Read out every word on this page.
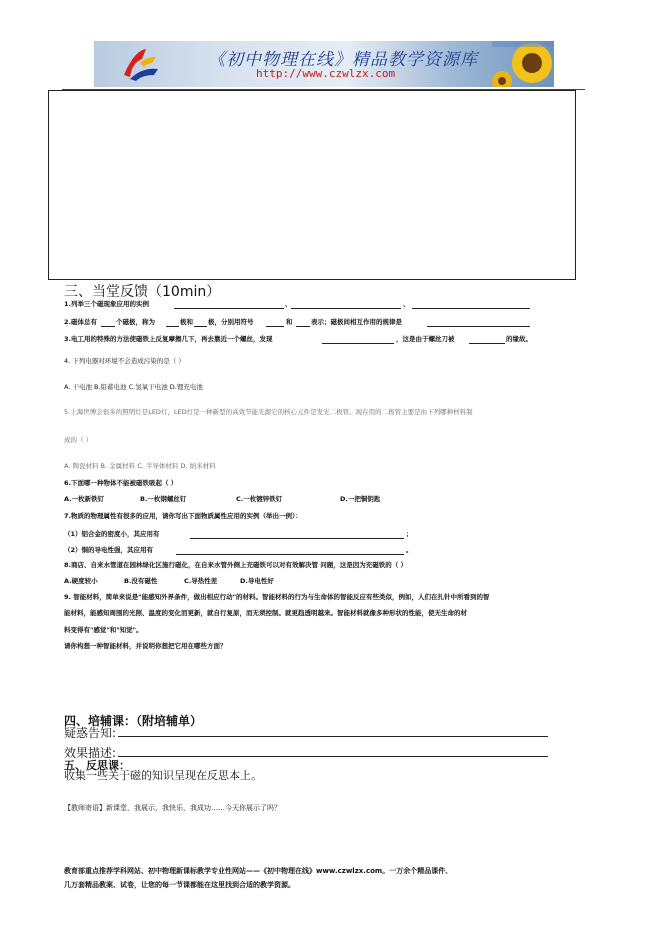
《初中物理在线》精品教学资源库
http://www.czwlzx.com
三、当堂反馈（10min）
1.列举三个磁现象应用的实例	、	、
2.磁体总有	个磁极，称为	极和 极，分别用符号	和	表示；磁极间相互作用的规律是
3.电工用的特殊的方法使磁铁上反复摩擦几下，再去靠近一个螺丝，发现	，这是由于螺丝刀被	的缘故。
4. 下列电器对环境不会造成污染的是（ ）
A. 干电池 B.铅蓄电池 C.氢氧干电池 D.锂充电池
5.上海世博会很多的照明灯是LED灯，LED灯是一种新型的高效节能光源它的核心元件是发光二极管。现在用的二极管主要是由下列哪种材料制
成的（ ）
A. 陶瓷材料 B. 金属材料 C. 半导体材料 D. 纳米材料
6.下面哪一种物体不能被磁铁吸起（ ）
A.一枚新铁钉	B.一枚钢螺丝钉	C.一枚镀锌铁钉	D.一把铜钥匙
7.物质的物理属性有很多的应用，请你写出下面物质属性应用的实例（举出一例）：
（1）铝合金的密度小，其应用有	；
（2）铜的导电性强，其应用有	。
8.商店、自来水管道在园林绿化区施行磁化，在自来水管外侧上充磁铁可以对有效解决管 问题，这是因为充磁铁的（ ）
A.硬度较小	B.没有磁性	C.导热性差	D.导电性好
9. 智能材料，简单来说是"能感知外界条件，做出相应行动"的材料。智能材料的行为与生命体的智能反应有些类似，例如，人们在扎针中所看到的智
能材料，能感知周围的光照、温度的变化而更新，就自行复原，而无须控制。就更趋透明越来。智能材料就像多种形状的性能，使无生命的材
料变得有"感觉"和"知觉"。
请你构想一种智能材料，并说明你想把它用在哪些方面？
四、培辅课：（附培辅单）
疑惑告知:
效果描述:
五、反思课：
收集一些关于磁的知识呈现在反思本上。
【教师寄语】新课堂，我展示，我快乐，我成功……今天你展示了吗？
教育部重点推荐学科网站、初中物理新课标教学专业性网站——《初中物理在线》www.czwlzx.com。一万余个精品课件、
几万套精品教案、试卷，让您的每一节课都能在这里找到合适的教学资源。
